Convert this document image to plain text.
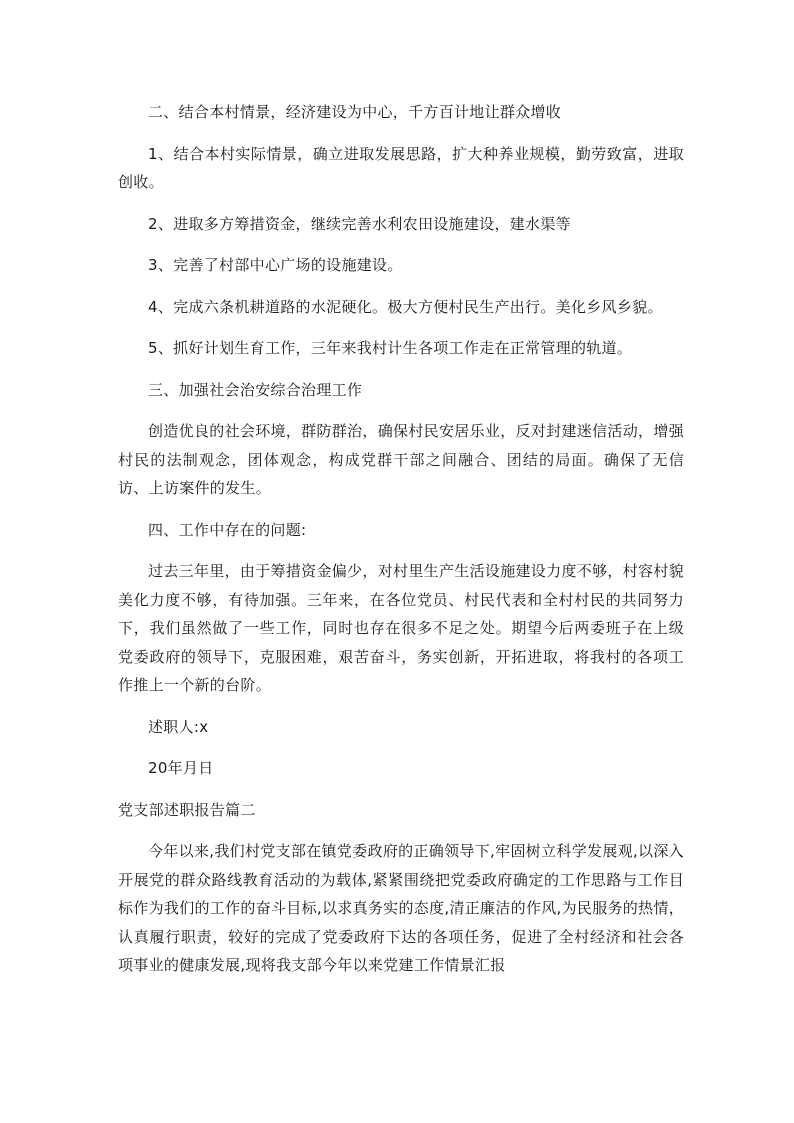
二、结合本村情景，经济建设为中心，千方百计地让群众增收

1、结合本村实际情景，确立进取发展思路，扩大种养业规模，勤劳致富，进取创收。

2、进取多方筹措资金，继续完善水利农田设施建设，建水渠等

3、完善了村部中心广场的设施建设。

4、完成六条机耕道路的水泥硬化。极大方便村民生产出行。美化乡风乡貌。

5、抓好计划生育工作，三年来我村计生各项工作走在正常管理的轨道。

三、加强社会治安综合治理工作

创造优良的社会环境，群防群治，确保村民安居乐业，反对封建迷信活动，增强村民的法制观念，团体观念，构成党群干部之间融合、团结的局面。确保了无信访、上访案件的发生。

四、工作中存在的问题:

过去三年里，由于筹措资金偏少，对村里生产生活设施建设力度不够，村容村貌美化力度不够，有待加强。三年来，在各位党员、村民代表和全村村民的共同努力下，我们虽然做了一些工作，同时也存在很多不足之处。期望今后两委班子在上级党委政府的领导下，克服困难，艰苦奋斗，务实创新，开拓进取，将我村的各项工作推上一个新的台阶。

述职人:x

20年月日

党支部述职报告篇二

今年以来,我们村党支部在镇党委政府的正确领导下,牢固树立科学发展观,以深入开展党的群众路线教育活动的为载体,紧紧围绕把党委政府确定的工作思路与工作目标作为我们的工作的奋斗目标,以求真务实的态度,清正廉洁的作风,为民服务的热情，认真履行职责，较好的完成了党委政府下达的各项任务，促进了全村经济和社会各项事业的健康发展,现将我支部今年以来党建工作情景汇报
